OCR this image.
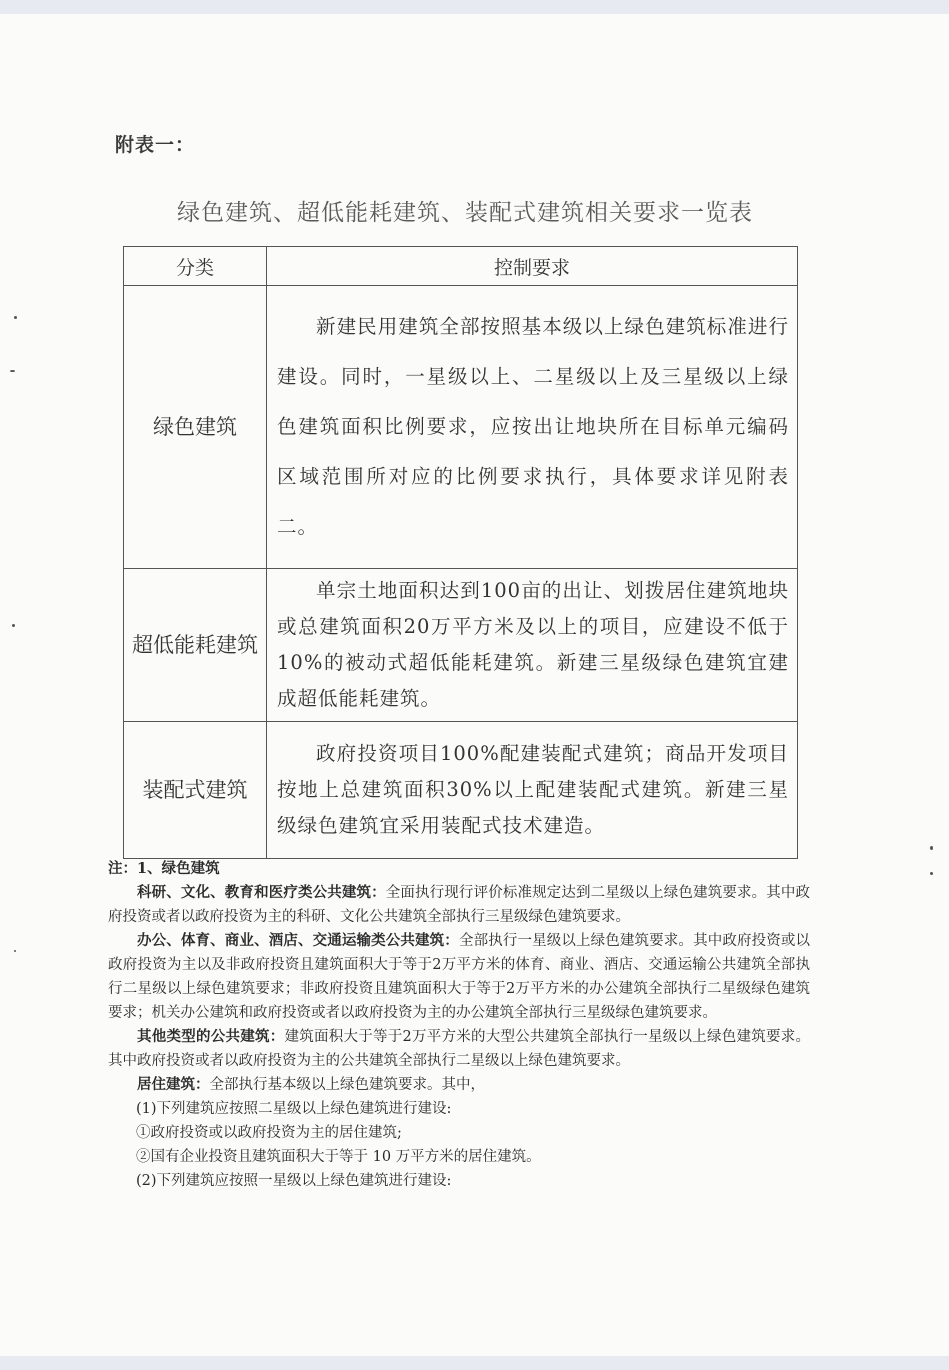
附表一：
绿色建筑、超低能耗建筑、装配式建筑相关要求一览表
分类	控制要求
绿色建筑	新建民用建筑全部按照基本级以上绿色建筑标准进行建设。同时，一星级以上、二星级以上及三星级以上绿色建筑面积比例要求，应按出让地块所在目标单元编码区域范围所对应的比例要求执行，具体要求详见附表二。

超低能耗建筑	单宗土地面积达到100亩的出让、划拨居住建筑地块或总建筑面积20万平方米及以上的项目，应建设不低于10%的被动式超低能耗建筑。新建三星级绿色建筑宜建成超低能耗建筑。

装配式建筑	政府投资项目100%配建装配式建筑；商品开发项目按地上总建筑面积30%以上配建装配式建筑。新建三星级绿色建筑宜采用装配式技术建造。

注：1、绿色建筑

科研、文化、教育和医疗类公共建筑：全面执行现行评价标准规定达到二星级以上绿色建筑要求。其中政府投资或者以政府投资为主的科研、文化公共建筑全部执行三星级绿色建筑要求。

办公、体育、商业、酒店、交通运输类公共建筑：全部执行一星级以上绿色建筑要求。其中政府投资或以政府投资为主以及非政府投资且建筑面积大于等于2万平方米的体育、商业、酒店、交通运输公共建筑全部执行二星级以上绿色建筑要求；非政府投资且建筑面积大于等于2万平方米的办公建筑全部执行二星级绿色建筑要求；机关办公建筑和政府投资或者以政府投资为主的办公建筑全部执行三星级绿色建筑要求。

其他类型的公共建筑：建筑面积大于等于2万平方米的大型公共建筑全部执行一星级以上绿色建筑要求。其中政府投资或者以政府投资为主的公共建筑全部执行二星级以上绿色建筑要求。

居住建筑：全部执行基本级以上绿色建筑要求。其中，

(1)下列建筑应按照二星级以上绿色建筑进行建设:

①政府投资或以政府投资为主的居住建筑;

②国有企业投资且建筑面积大于等于 10 万平方米的居住建筑。

(2)下列建筑应按照一星级以上绿色建筑进行建设:
